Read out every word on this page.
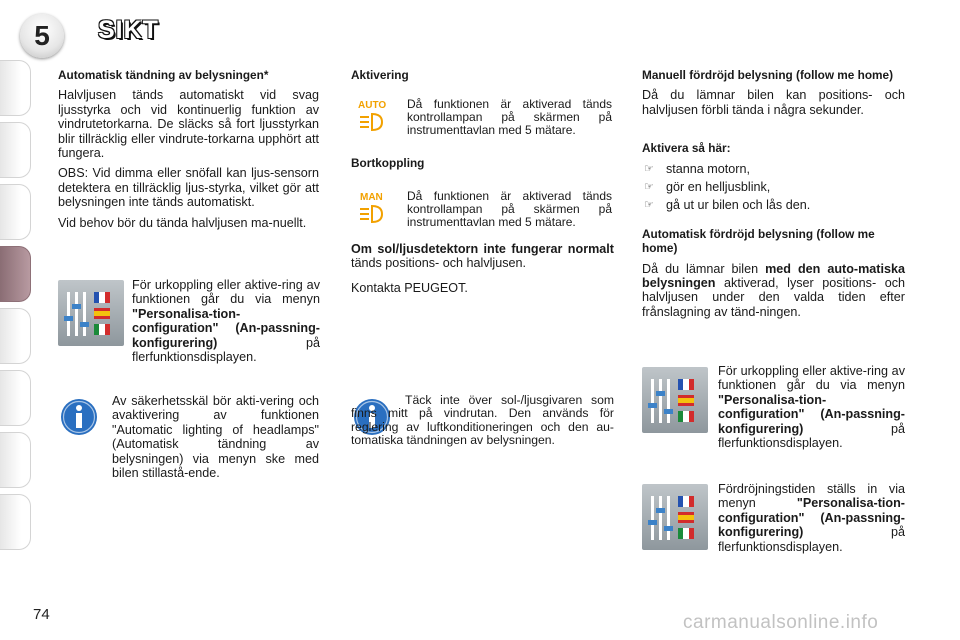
5	SIKT
Automatisk tändning av belysningen*

Halvljusen tänds automatiskt vid svag ljusstyrka och vid kontinuerlig funktion av vindrutetorkarna. De släcks så fort ljusstyrkan blir tillräcklig eller vindrute-torkarna upphört att fungera.

OBS: Vid dimma eller snöfall kan ljus-sensorn detektera en tillräcklig ljus-styrka, vilket gör att belysningen inte tänds automatiskt.

Vid behov bör du tända halvljusen ma-nuellt.

För urkoppling eller aktive-ring av funktionen går du via menyn "Personalisa-tion-configuration" (An-passning-konfigurering) på flerfunktionsdisplayen.

Av säkerhetsskäl bör akti-vering och avaktivering av funktionen "Automatic lighting of headlamps" (Automatisk tändning av belysningen) via menyn ske med bilen stillastå-ende.

Aktivering
AUTO Då funktionen är aktiverad tänds kontrollampan på skärmen på instrumenttavlan med 5 mätare.
Bortkoppling
MAN Då funktionen är aktiverad tänds kontrollampan på skärmen på instrumenttavlan med 5 mätare.

Om sol/ljusdetektorn inte fungerar normalt tänds positions- och halvljusen.

Kontakta PEUGEOT.

Täck inte över sol-/ljusgivaren som finns mitt på vindrutan. Den används för reglering av luftkonditioneringen och den au-tomatiska tändningen av belysningen.

Manuell fördröjd belysning (follow me home)

Då du lämnar bilen kan positions- och halvljusen förbli tända i några sekunder.

Aktivera så här:
☞ stanna motorn,
☞ gör en helljusblink,
☞ gå ut ur bilen och lås den.
Automatisk fördröjd belysning (follow me home)

Då du lämnar bilen med den auto-matiska belysningen aktiverad, lyser positions- och halvljusen under den valda tiden efter frånslagning av tänd-ningen.

För urkoppling eller aktive-ring av funktionen går du via menyn "Personalisa-tion-configuration" (An-passning-konfigurering) på flerfunktionsdisplayen.
Fördröjningstiden ställs in via menyn "Personalisa-tion-configuration" (An-passning-konfigurering) på flerfunktionsdisplayen.
74	carmanualsonline.info
